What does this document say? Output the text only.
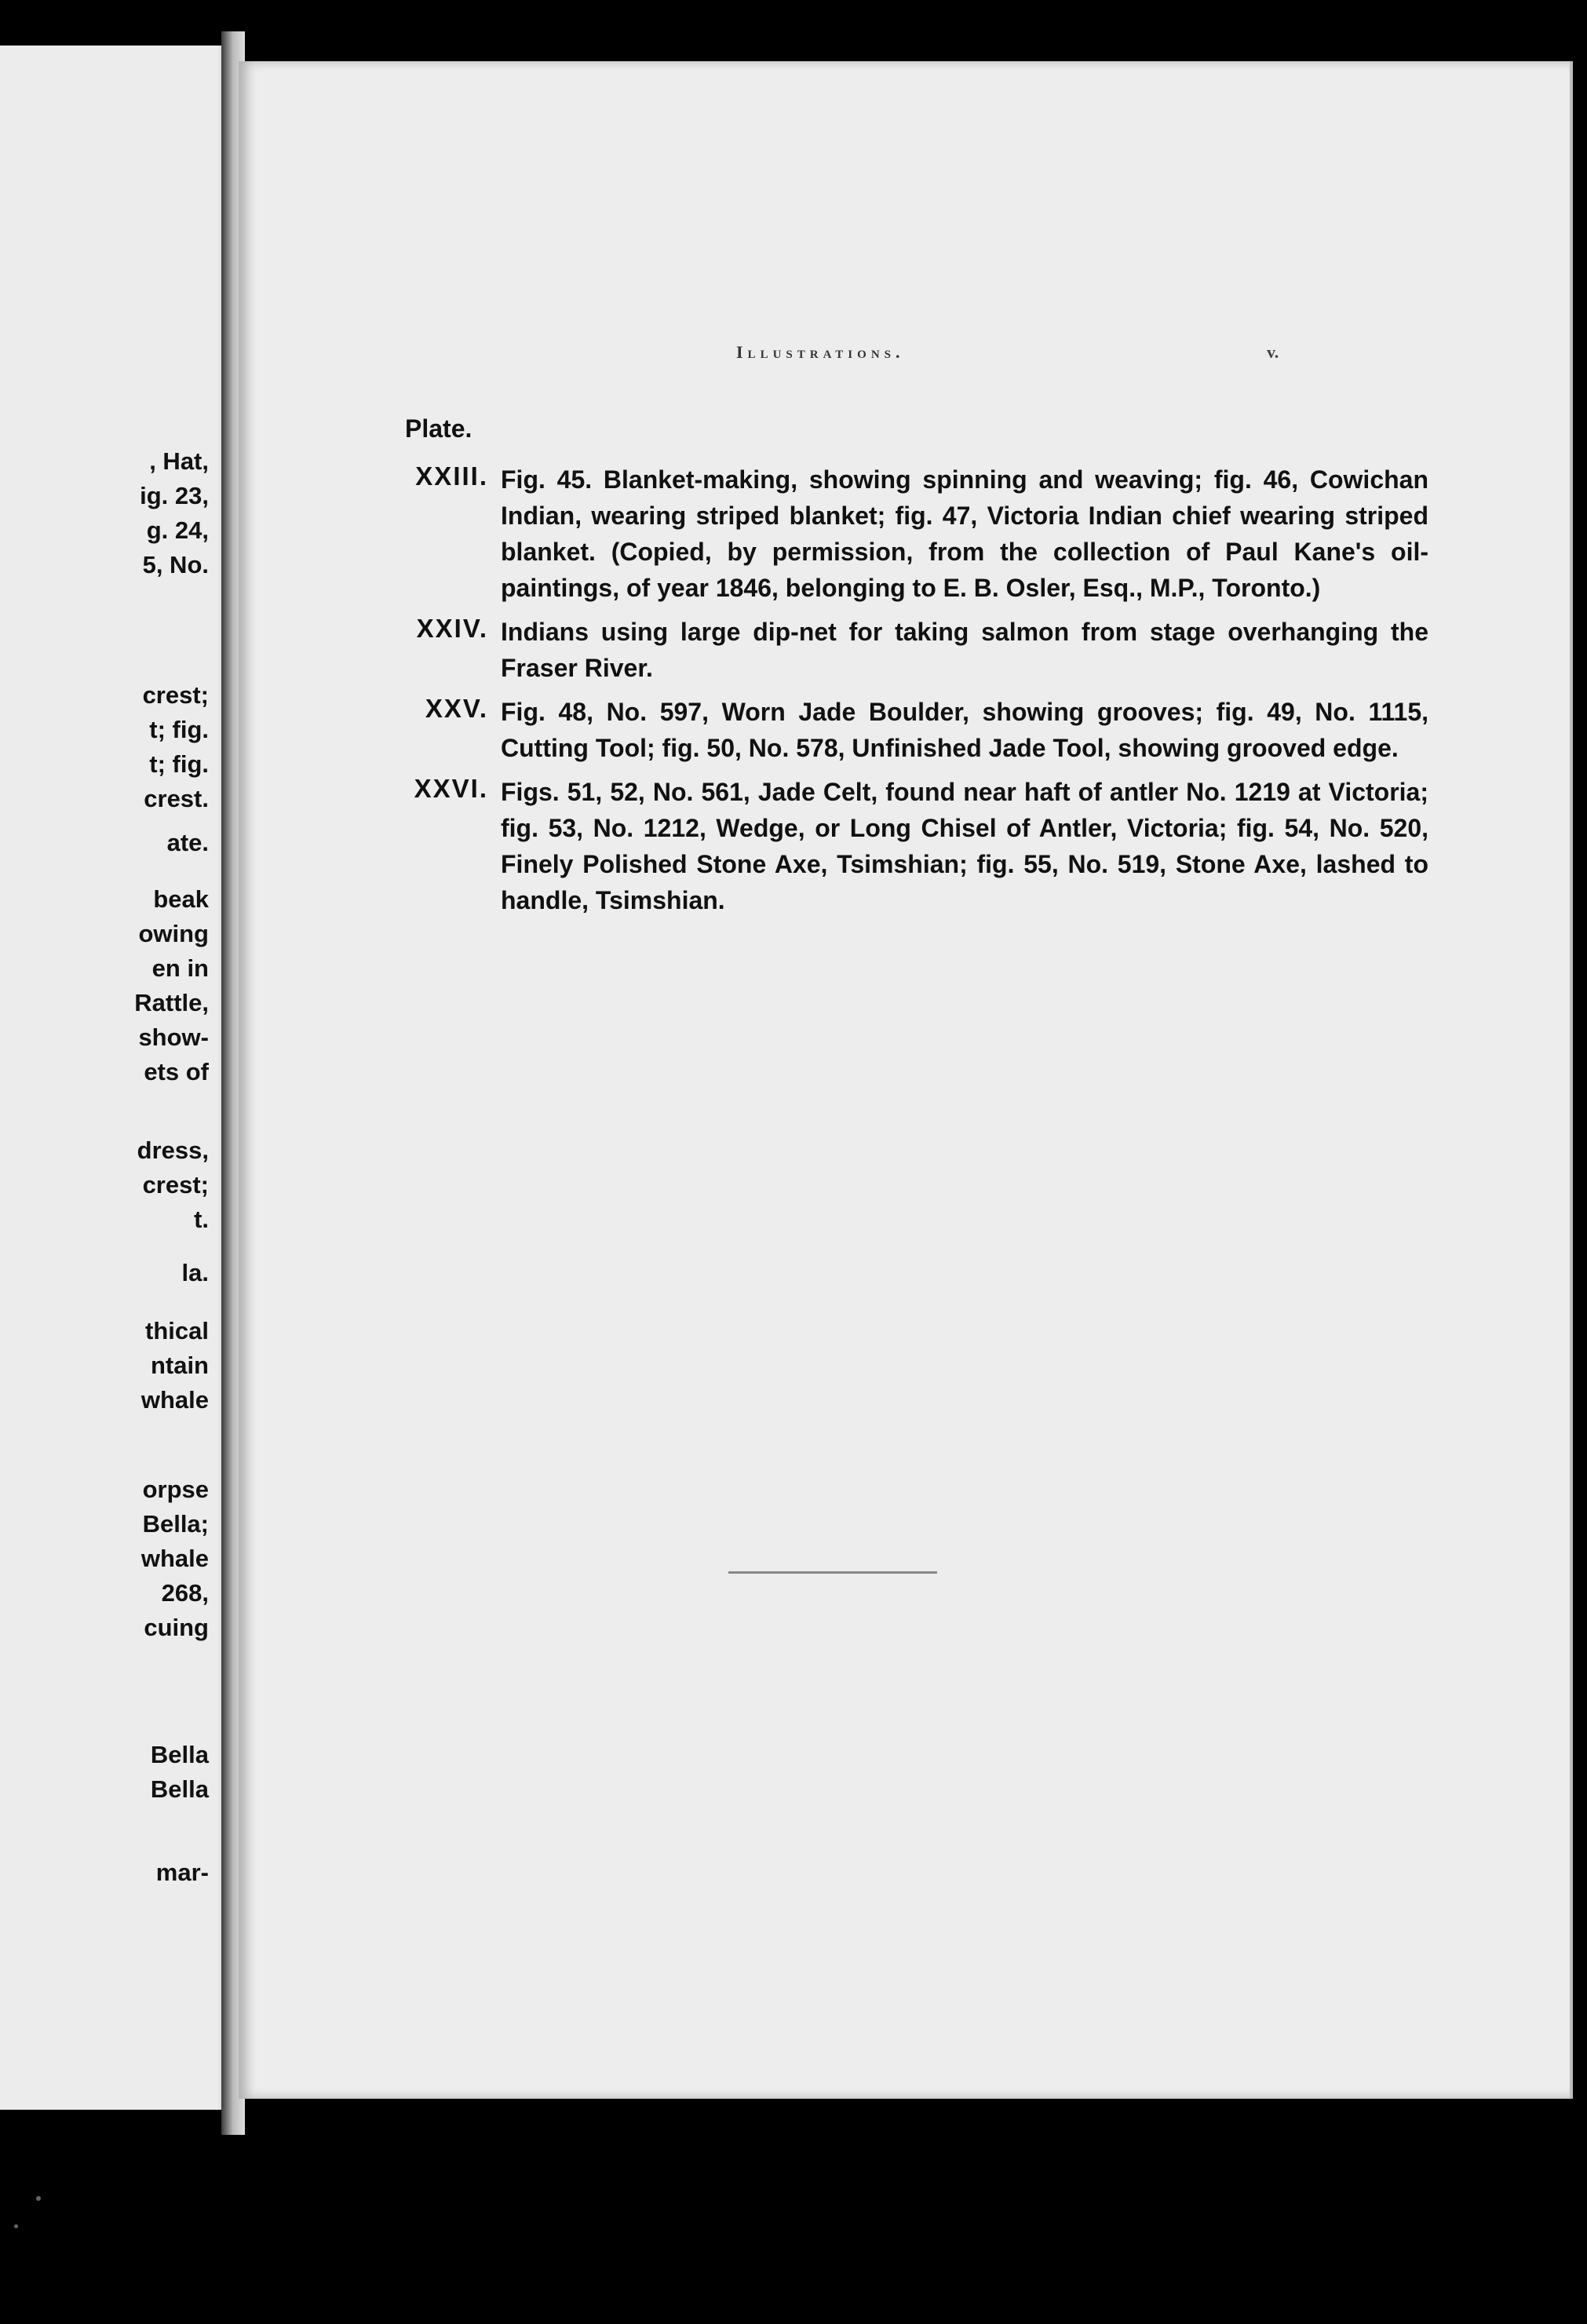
, Hat,
ig. 23,
g. 24,
5, No.
crest;
t; fig.
t; fig.
crest.
ate.
beak
owing
en in
Rattle,
show-
ets of
dress,
crest;
t.
la.
thical
ntain
whale
orpse
Bella;
whale
268,
cuing
Bella
Bella
mar-
Illustrations.	v.
Plate.
XXIII. Fig. 45. Blanket-making, showing spinning and weaving; fig. 46, Cowichan Indian, wearing striped blanket; fig. 47, Victoria Indian chief wearing striped blanket. (Copied, by permission, from the collection of Paul Kane's oil-paintings, of year 1846, belonging to E. B. Osler, Esq., M.P., Toronto.)
XXIV. Indians using large dip-net for taking salmon from stage overhanging the Fraser River.
XXV. Fig. 48, No. 597, Worn Jade Boulder, showing grooves; fig. 49, No. 1115, Cutting Tool; fig. 50, No. 578, Unfinished Jade Tool, showing grooved edge.
XXVI. Figs. 51, 52, No. 561, Jade Celt, found near haft of antler No. 1219 at Victoria; fig. 53, No. 1212, Wedge, or Long Chisel of Antler, Victoria; fig. 54, No. 520, Finely Polished Stone Axe, Tsimshian; fig. 55, No. 519, Stone Axe, lashed to handle, Tsimshian.
